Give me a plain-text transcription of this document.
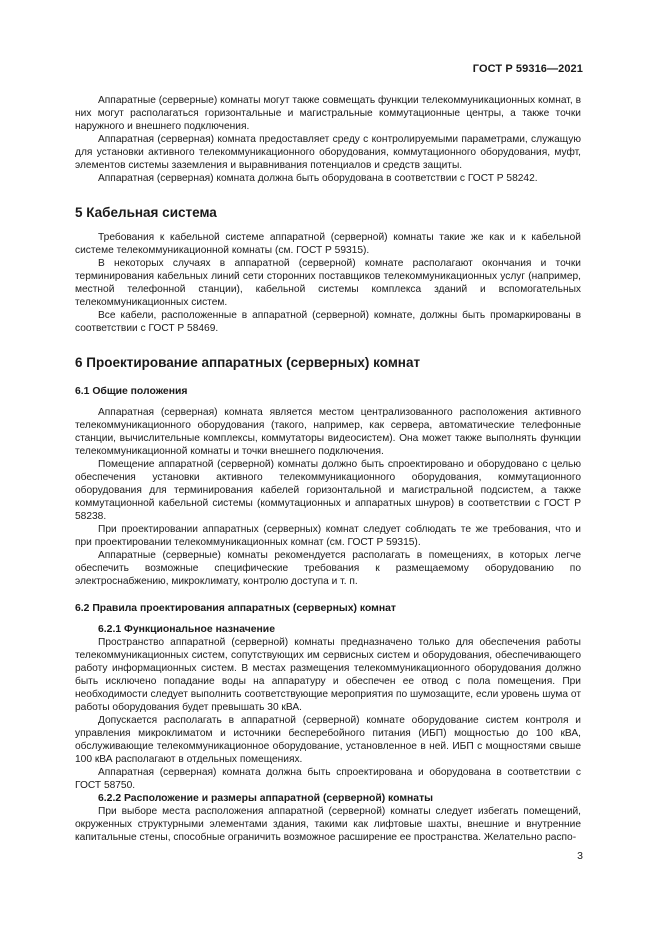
ГОСТ Р 59316—2021

Аппаратные (серверные) комнаты могут также совмещать функции телекоммуникационных комнат, в них могут располагаться горизонтальные и магистральные коммутационные центры, а также точки наружного и внешнего подключения.

Аппаратная (серверная) комната предоставляет среду с контролируемыми параметрами, служащую для установки активного телекоммуникационного оборудования, коммутационного оборудования, муфт, элементов системы заземления и выравнивания потенциалов и средств защиты.

Аппаратная (серверная) комната должна быть оборудована в соответствии с ГОСТ Р 58242.

5 Кабельная система

Требования к кабельной системе аппаратной (серверной) комнаты такие же как и к кабельной системе телекоммуникационной комнаты (см. ГОСТ Р 59315).

В некоторых случаях в аппаратной (серверной) комнате располагают окончания и точки терминирования кабельных линий сети сторонних поставщиков телекоммуникационных услуг (например, местной телефонной станции), кабельной системы комплекса зданий и вспомогательных телекоммуникационных систем.

Все кабели, расположенные в аппаратной (серверной) комнате, должны быть промаркированы в соответствии с ГОСТ Р 58469.

6 Проектирование аппаратных (серверных) комнат
6.1 Общие положения

Аппаратная (серверная) комната является местом централизованного расположения активного телекоммуникационного оборудования (такого, например, как сервера, автоматические телефонные станции, вычислительные комплексы, коммутаторы видеосистем). Она может также выполнять функции телекоммуникационной комнаты и точки внешнего подключения.

Помещение аппаратной (серверной) комнаты должно быть спроектировано и оборудовано с целью обеспечения установки активного телекоммуникационного оборудования, коммутационного оборудования для терминирования кабелей горизонтальной и магистральной подсистем, а также коммутационной кабельной системы (коммутационных и аппаратных шнуров) в соответствии с ГОСТ Р 58238.

При проектировании аппаратных (серверных) комнат следует соблюдать те же требования, что и при проектировании телекоммуникационных комнат (см. ГОСТ Р 59315).

Аппаратные (серверные) комнаты рекомендуется располагать в помещениях, в которых легче обеспечить возможные специфические требования к размещаемому оборудованию по электроснабжению, микроклимату, контролю доступа и т. п.

6.2 Правила проектирования аппаратных (серверных) комнат
6.2.1 Функциональное назначение

Пространство аппаратной (серверной) комнаты предназначено только для обеспечения работы телекоммуникационных систем, сопутствующих им сервисных систем и оборудования, обеспечивающего работу информационных систем. В местах размещения телекоммуникационного оборудования должно быть исключено попадание воды на аппаратуру и обеспечен ее отвод с пола помещения. При необходимости следует выполнить соответствующие мероприятия по шумозащите, если уровень шума от работы оборудования будет превышать 30 кВА.

Допускается располагать в аппаратной (серверной) комнате оборудование систем контроля и управления микроклиматом и источники бесперебойного питания (ИБП) мощностью до 100 кВА, обслуживающие телекоммуникационное оборудование, установленное в ней. ИБП с мощностями свыше 100 кВА располагают в отдельных помещениях.

Аппаратная (серверная) комната должна быть спроектирована и оборудована в соответствии с ГОСТ 58750.

6.2.2 Расположение и размеры аппаратной (серверной) комнаты

При выборе места расположения аппаратной (серверной) комнаты следует избегать помещений, окруженных структурными элементами здания, такими как лифтовые шахты, внешние и внутренние капитальные стены, способные ограничить возможное расширение ее пространства. Желательно распо-

3
